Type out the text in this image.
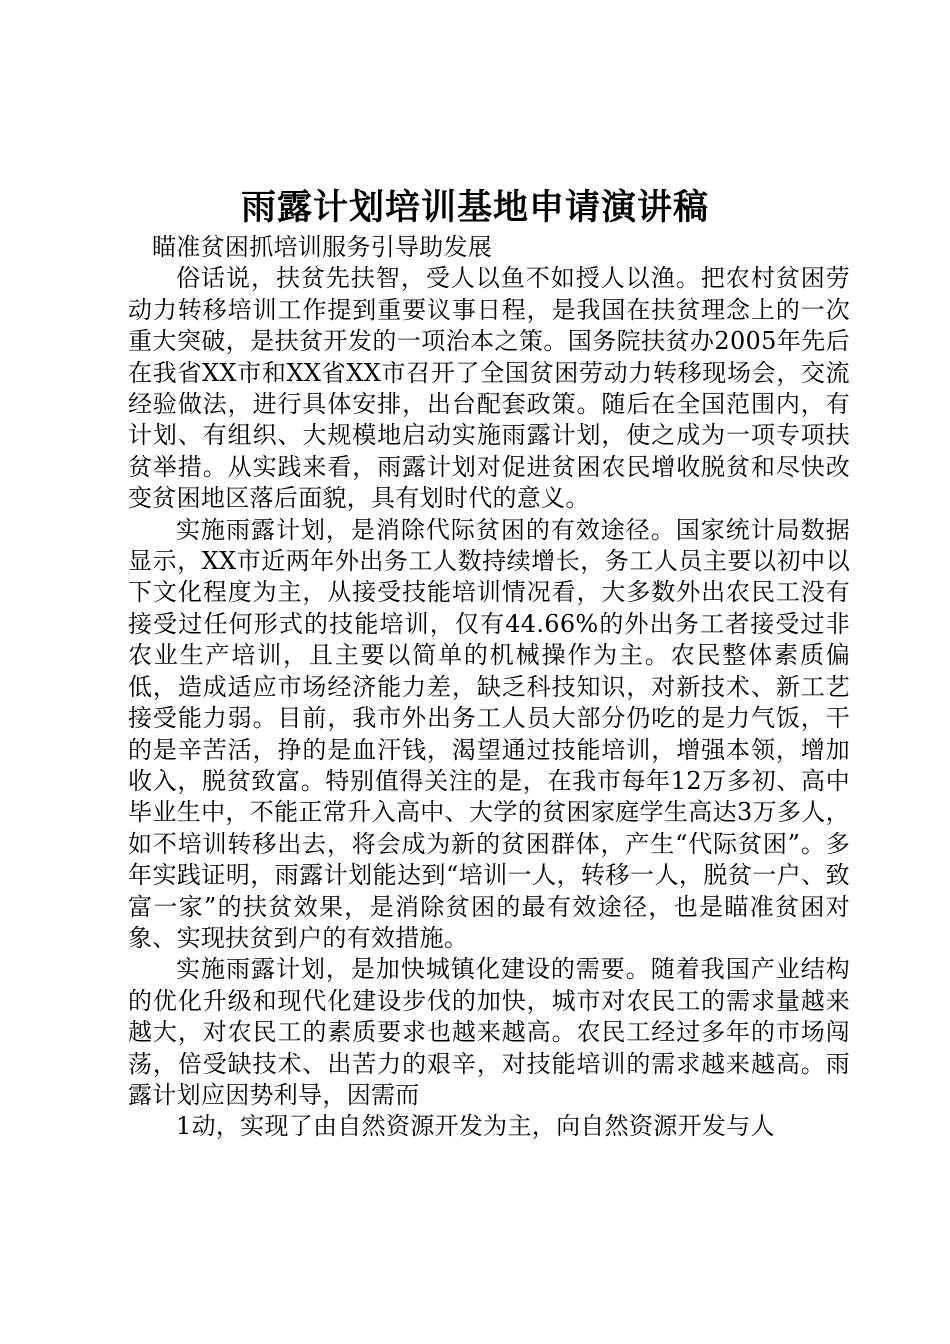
雨露计划培训基地申请演讲稿

瞄准贫困抓培训服务引导助发展

俗话说，扶贫先扶智，受人以鱼不如授人以渔。把农村贫困劳动力转移培训工作提到重要议事日程，是我国在扶贫理念上的一次重大突破，是扶贫开发的一项治本之策。国务院扶贫办2005年先后在我省XX市和XX省XX市召开了全国贫困劳动力转移现场会，交流经验做法，进行具体安排，出台配套政策。随后在全国范围内，有计划、有组织、大规模地启动实施雨露计划，使之成为一项专项扶贫举措。从实践来看，雨露计划对促进贫困农民增收脱贫和尽快改变贫困地区落后面貌，具有划时代的意义。

实施雨露计划，是消除代际贫困的有效途径。国家统计局数据显示，XX市近两年外出务工人数持续增长，务工人员主要以初中以下文化程度为主，从接受技能培训情况看，大多数外出农民工没有接受过任何形式的技能培训，仅有44.66%的外出务工者接受过非农业生产培训，且主要以简单的机械操作为主。农民整体素质偏低，造成适应市场经济能力差，缺乏科技知识，对新技术、新工艺接受能力弱。目前，我市外出务工人员大部分仍吃的是力气饭，干的是辛苦活，挣的是血汗钱，渴望通过技能培训，增强本领，增加收入，脱贫致富。特别值得关注的是，在我市每年12万多初、高中毕业生中，不能正常升入高中、大学的贫困家庭学生高达3万多人，如不培训转移出去，将会成为新的贫困群体，产生“代际贫困”。多年实践证明，雨露计划能达到“培训一人，转移一人，脱贫一户、致富一家”的扶贫效果，是消除贫困的最有效途径，也是瞄准贫困对象、实现扶贫到户的有效措施。

实施雨露计划，是加快城镇化建设的需要。随着我国产业结构的优化升级和现代化建设步伐的加快，城市对农民工的需求量越来越大，对农民工的素质要求也越来越高。农民工经过多年的市场闯荡，倍受缺技术、出苦力的艰辛，对技能培训的需求越来越高。雨露计划应因势利导，因需而

1动，实现了由自然资源开发为主，向自然资源开发与人
